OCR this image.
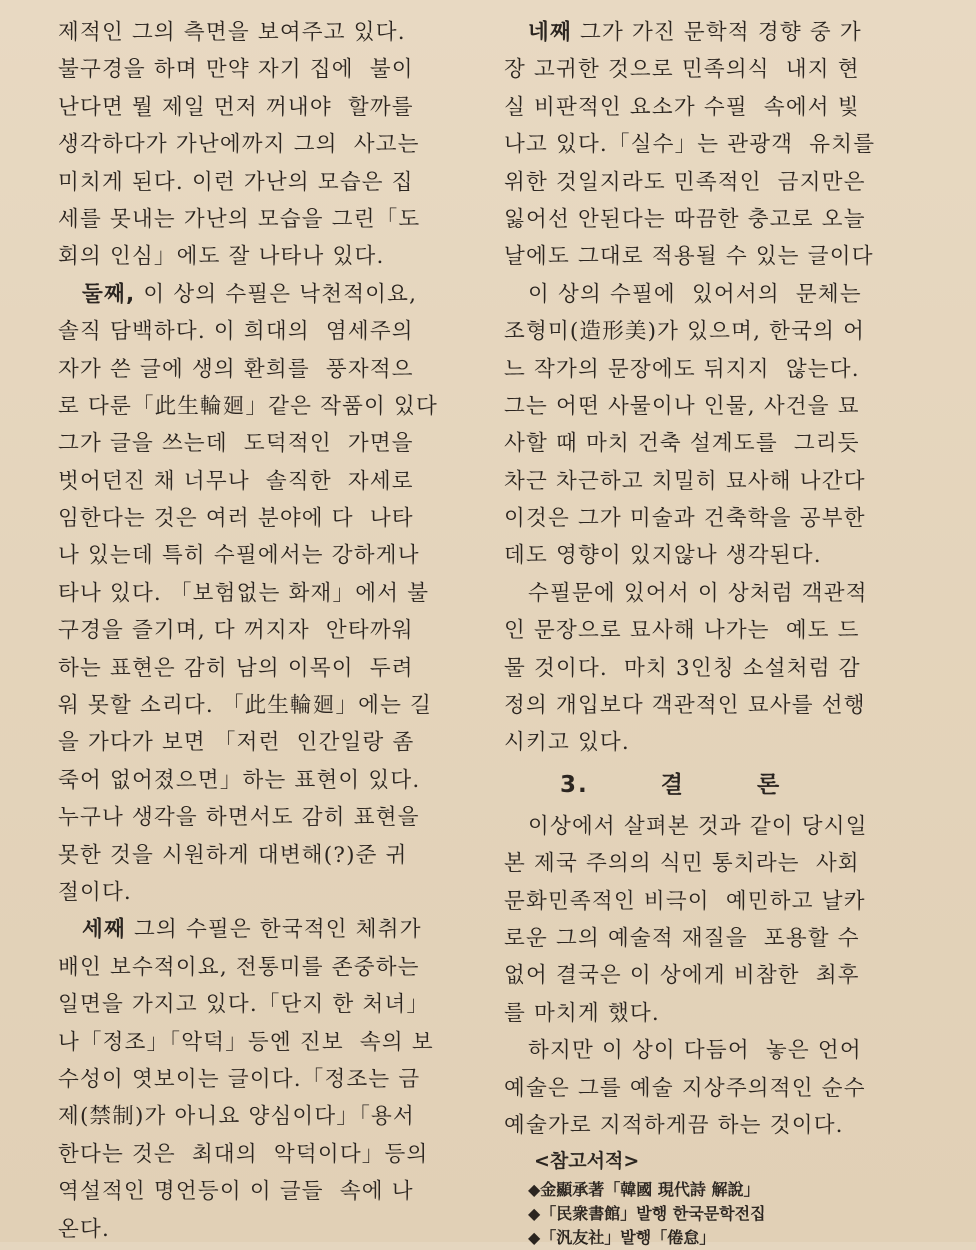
제적인 그의 측면을 보여주고 있다.
불구경을 하며 만약 자기 집에  불이
난다면 뭘 제일 먼저 꺼내야  할까를
생각하다가 가난에까지 그의  사고는
미치게 된다. 이런 가난의 모습은 집
세를 못내는 가난의 모습을 그린「도
회의 인심」에도 잘 나타나 있다.
둘째, 이 상의 수필은 낙천적이요,
솔직 담백하다. 이 희대의  염세주의
자가 쓴 글에 생의 환희를  풍자적으
로 다룬「此生輪廻」같은 작품이 있다
그가 글을 쓰는데  도덕적인  가면을
벗어던진 채 너무나  솔직한  자세로
임한다는 것은 여러 분야에 다  나타
나 있는데 특히 수필에서는 강하게나
타나 있다. 「보험없는 화재」에서 불
구경을 즐기며, 다 꺼지자  안타까워
하는 표현은 감히 남의 이목이  두려
워 못할 소리다. 「此生輪廻」에는 길
을 가다가 보면 「저런  인간일랑 좀
죽어 없어졌으면」하는 표현이 있다.
누구나 생각을 하면서도 감히 표현을
못한 것을 시원하게 대변해(?)준 귀
절이다.
세째 그의 수필은 한국적인 체취가
배인 보수적이요, 전통미를 존중하는
일면을 가지고 있다.「단지 한 처녀」
나「정조」「악덕」등엔 진보  속의 보
수성이 엿보이는 글이다.「정조는 금
제(禁制)가 아니요 양심이다」「용서
한다는 것은  최대의  악덕이다」등의
역설적인 명언등이 이 글들  속에 나
온다.
네째 그가 가진 문학적 경향 중 가
장 고귀한 것으로 민족의식  내지 현
실 비판적인 요소가 수필  속에서 빛
나고 있다.「실수」는 관광객  유치를
위한 것일지라도 민족적인  금지만은
잃어선 안된다는 따끔한 충고로 오늘
날에도 그대로 적용될 수 있는 글이다
이 상의 수필에  있어서의  문체는
조형미(造形美)가 있으며, 한국의 어
느 작가의 문장에도 뒤지지  않는다.
그는 어떤 사물이나 인물, 사건을 묘
사할 때 마치 건축 설계도를  그리듯
차근 차근하고 치밀히 묘사해 나간다
이것은 그가 미술과 건축학을 공부한
데도 영향이 있지않나 생각된다.
수필문에 있어서 이 상처럼 객관적
인 문장으로 묘사해 나가는  예도 드
물 것이다.  마치 3인칭 소설처럼 감
정의 개입보다 객관적인 묘사를 선행
시키고 있다.
3.	결	론
이상에서 살펴본 것과 같이 당시일
본 제국 주의의 식민 통치라는  사회
문화민족적인 비극이  예민하고 날카
로운 그의 예술적 재질을  포용할 수
없어 결국은 이 상에게 비참한  최후
를 마치게 했다.
하지만 이 상이 다듬어  놓은 언어
예술은 그를 예술 지상주의적인 순수
예술가로 지적하게끔 하는 것이다.
<참고서적>
◆金顯承著「韓國 現代詩 解說」
◆「民衆書館」발행 한국문학전집
◆「汎友社」발행「倦怠」
